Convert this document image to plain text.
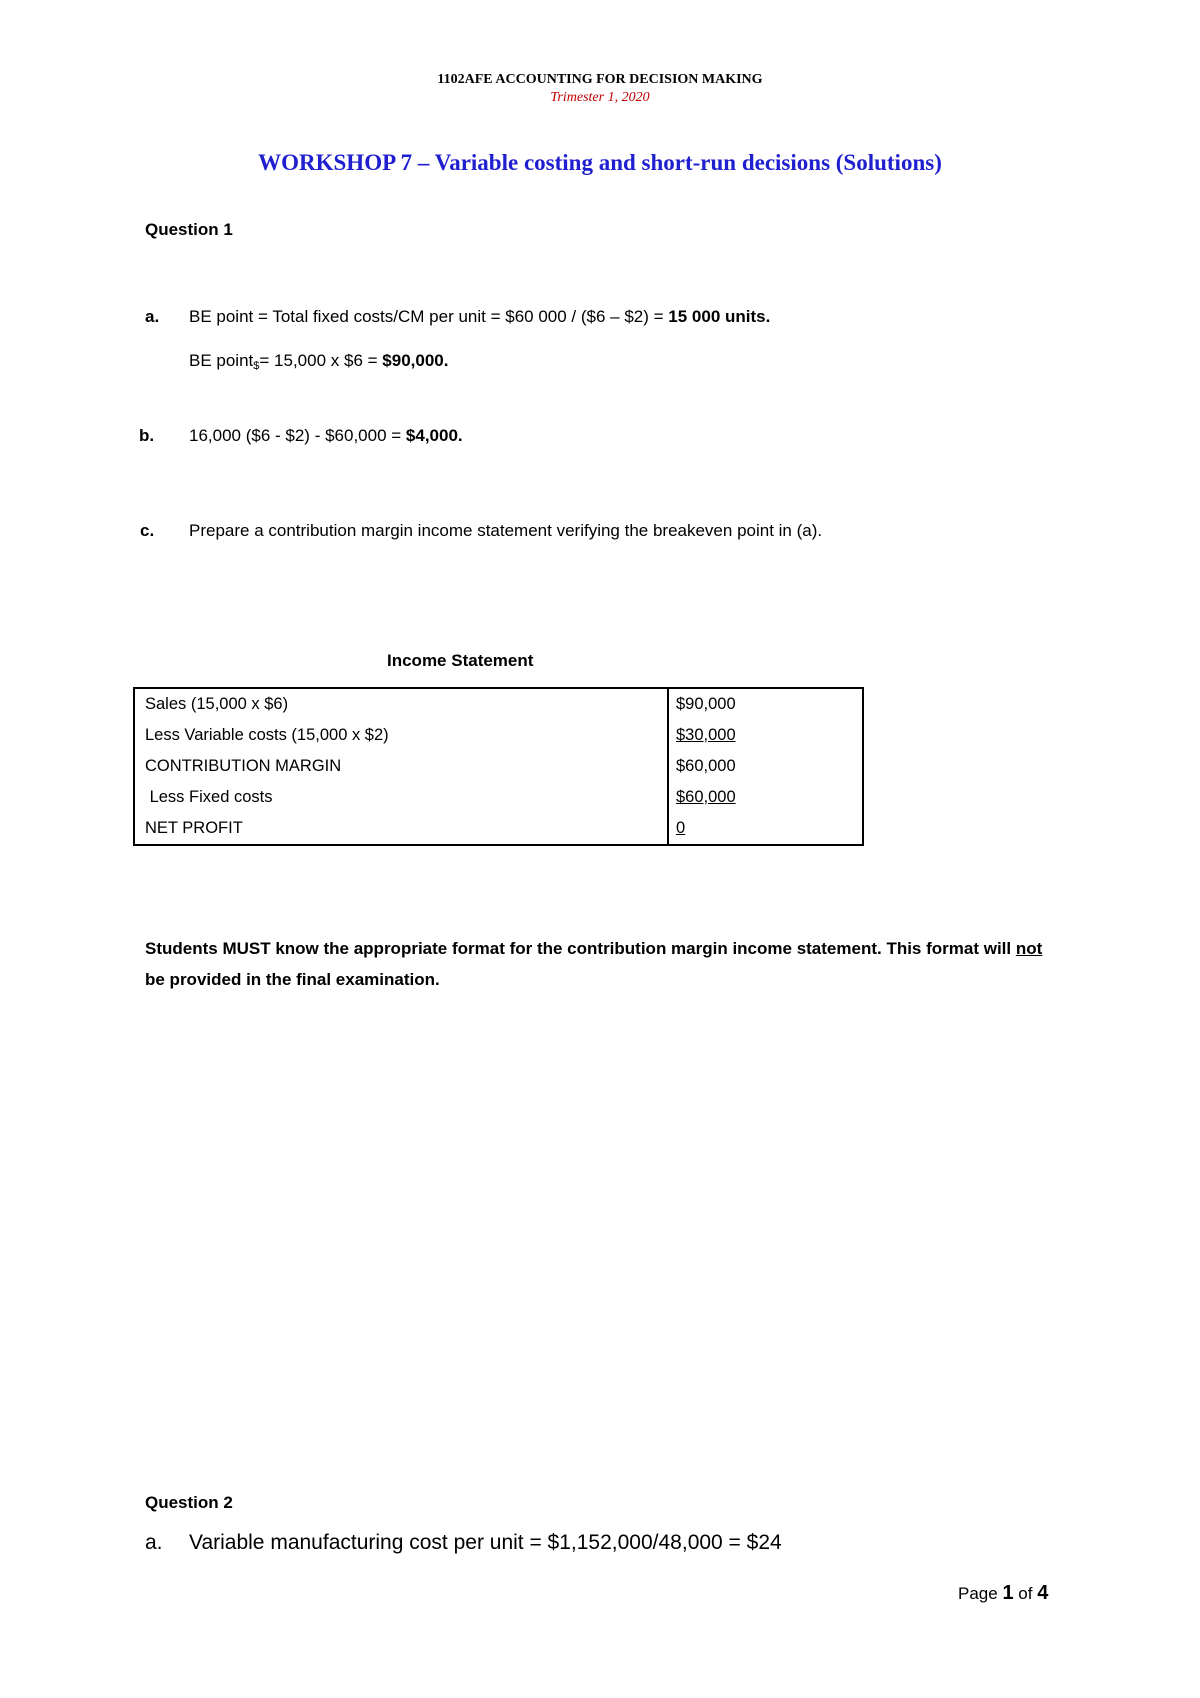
1102AFE ACCOUNTING FOR DECISION MAKING
Trimester 1, 2020
WORKSHOP 7 – Variable costing and short-run decisions (Solutions)
Question 1
a. BE point = Total fixed costs/CM per unit = $60 000 / ($6 – $2) = 15 000 units.
BE point$_{\$}$= 15,000 x $6 = $90,000.
b. 16,000 ($6 - $2) - $60,000 = $4,000.
c. Prepare a contribution margin income statement verifying the breakeven point in (a).
Income Statement
Sales (15,000 x $6)	$90,000
Less Variable costs (15,000 x $2)	$30,000
CONTRIBUTION MARGIN	$60,000
Less Fixed costs	$60,000
NET PROFIT	0
Students MUST know the appropriate format for the contribution margin income statement. This format will not be provided in the final examination.
Question 2
a. Variable manufacturing cost per unit = $1,152,000/48,000 = $24
Page 1 of 4
